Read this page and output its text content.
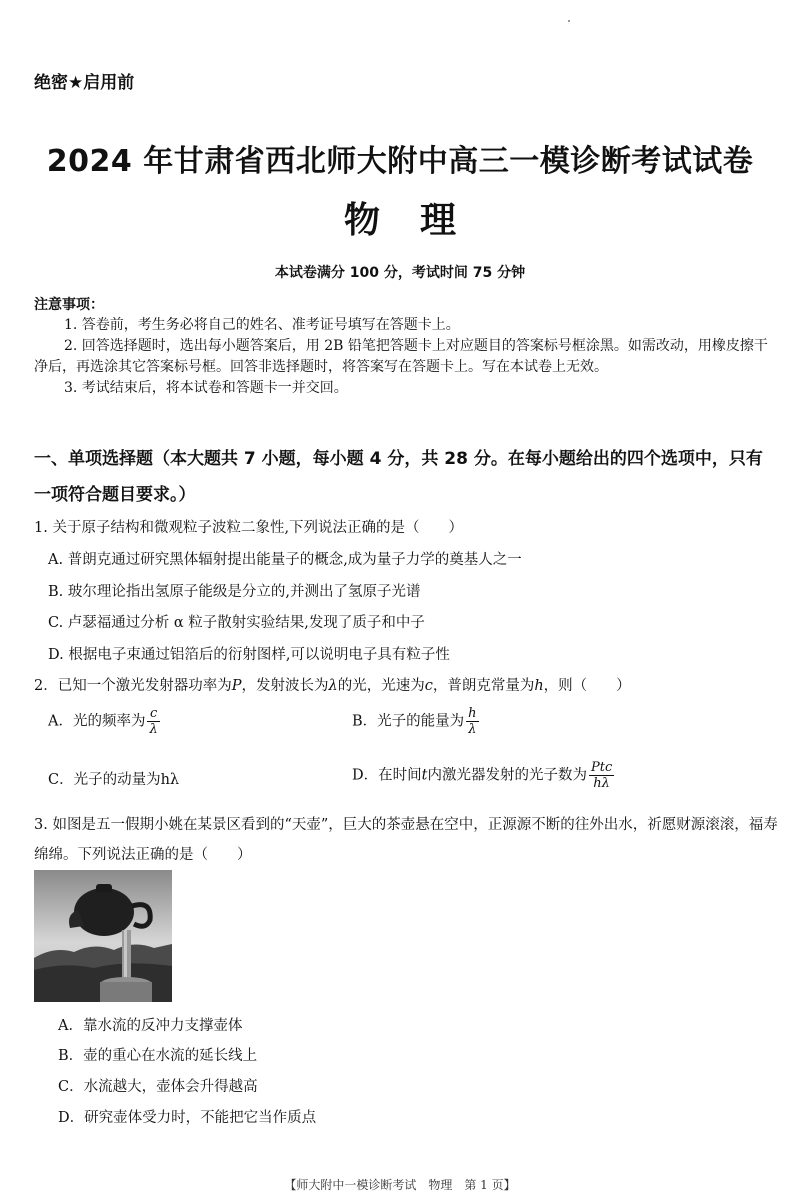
绝密★启用前
2024 年甘肃省西北师大附中高三一模诊断考试试卷
物理
本试卷满分 100 分，考试时间 75 分钟
注意事项：
1. 答卷前，考生务必将自己的姓名、准考证号填写在答题卡上。
2. 回答选择题时，选出每小题答案后，用 2B 铅笔把答题卡上对应题目的答案标号框涂黑。如需改动，用橡皮擦干净后，再选涂其它答案标号框。回答非选择题时，将答案写在答题卡上。写在本试卷上无效。
3. 考试结束后，将本试卷和答题卡一并交回。
一、单项选择题（本大题共 7 小题，每小题 4 分，共 28 分。在每小题给出的四个选项中，只有一项符合题目要求。）
1. 关于原子结构和微观粒子波粒二象性,下列说法正确的是（　　）
A. 普朗克通过研究黑体辐射提出能量子的概念,成为量子力学的奠基人之一
B. 玻尔理论指出氢原子能级是分立的,并测出了氢原子光谱
C. 卢瑟福通过分析 α 粒子散射实验结果,发现了质子和中子
D. 根据电子束通过铝箔后的衍射图样,可以说明电子具有粒子性
2．已知一个激光发射器功率为P，发射波长为λ的光，光速为c，普朗克常量为h，则（　　）
A．光的频率为 $\frac{c}{\lambda}$	B．光子的能量为 $\frac{h}{\lambda}$
C．光子的动量为hλ	D．在时间t内激光器发射的光子数为 $\frac{\text{Ptc}}{h\lambda}$
3. 如图是五一假期小姚在某景区看到的“天壶”，巨大的茶壶悬在空中，正源源不断的往外出水，祈愿财源滚滚，福寿绵绵。下列说法正确的是（　　）
A．靠水流的反冲力支撑壶体
B．壶的重心在水流的延长线上
C．水流越大，壶体会升得越高
D．研究壶体受力时，不能把它当作质点
【师大附中一模诊断考试　物理　第 1 页】
